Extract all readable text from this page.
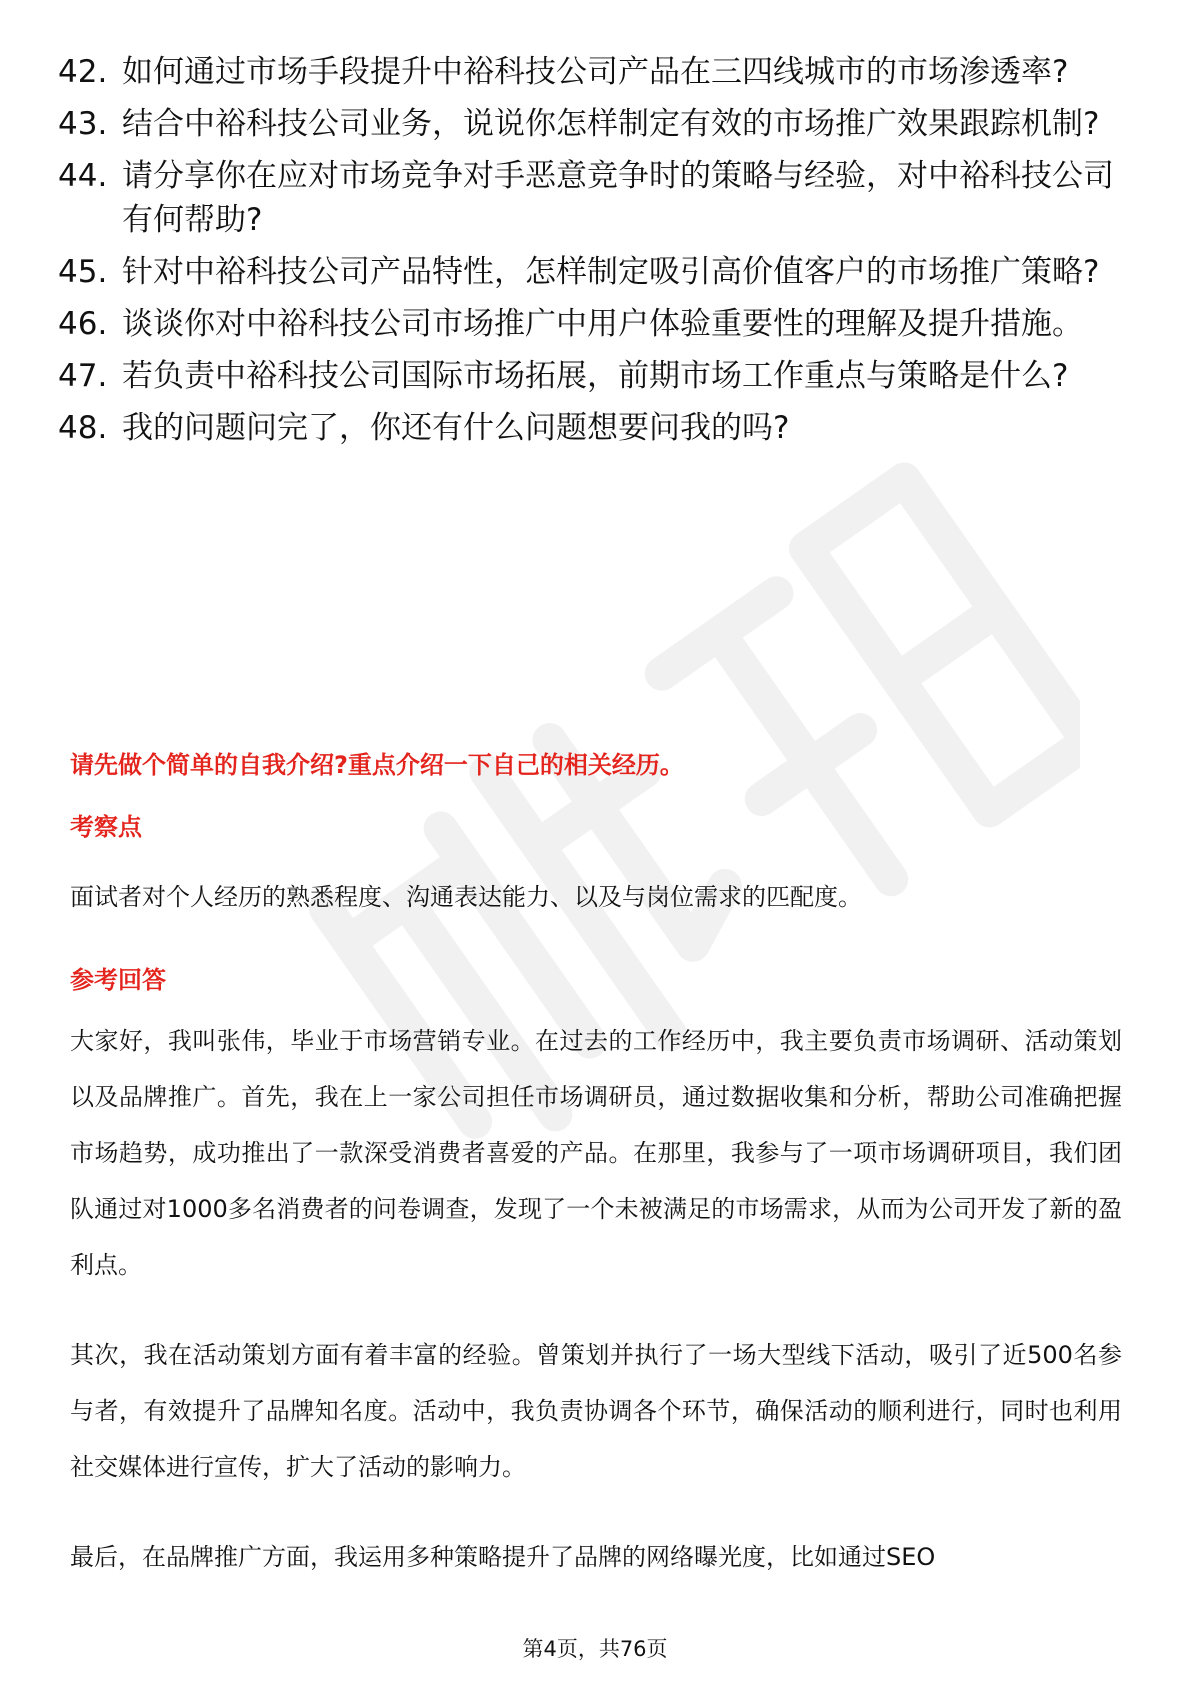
42. 如何通过市场手段提升中裕科技公司产品在三四线城市的市场渗透率?
43. 结合中裕科技公司业务，说说你怎样制定有效的市场推广效果跟踪机制?
44. 请分享你在应对市场竞争对手恶意竞争时的策略与经验，对中裕科技公司有何帮助?
45. 针对中裕科技公司产品特性，怎样制定吸引高价值客户的市场推广策略?
46. 谈谈你对中裕科技公司市场推广中用户体验重要性的理解及提升措施。
47. 若负责中裕科技公司国际市场拓展，前期市场工作重点与策略是什么?
48. 我的问题问完了，你还有什么问题想要问我的吗?
请先做个简单的自我介绍?重点介绍一下自己的相关经历。
考察点
面试者对个人经历的熟悉程度、沟通表达能力、以及与岗位需求的匹配度。
参考回答

大家好，我叫张伟，毕业于市场营销专业。在过去的工作经历中，我主要负责市场调研、活动策划以及品牌推广。首先，我在上一家公司担任市场调研员，通过数据收集和分析，帮助公司准确把握市场趋势，成功推出了一款深受消费者喜爱的产品。在那里，我参与了一项市场调研项目，我们团队通过对1000多名消费者的问卷调查，发现了一个未被满足的市场需求，从而为公司开发了新的盈利点。

其次，我在活动策划方面有着丰富的经验。曾策划并执行了一场大型线下活动，吸引了近500名参与者，有效提升了品牌知名度。活动中，我负责协调各个环节，确保活动的顺利进行，同时也利用社交媒体进行宣传，扩大了活动的影响力。

最后，在品牌推广方面，我运用多种策略提升了品牌的网络曝光度，比如通过SEO

第4页，共76页
